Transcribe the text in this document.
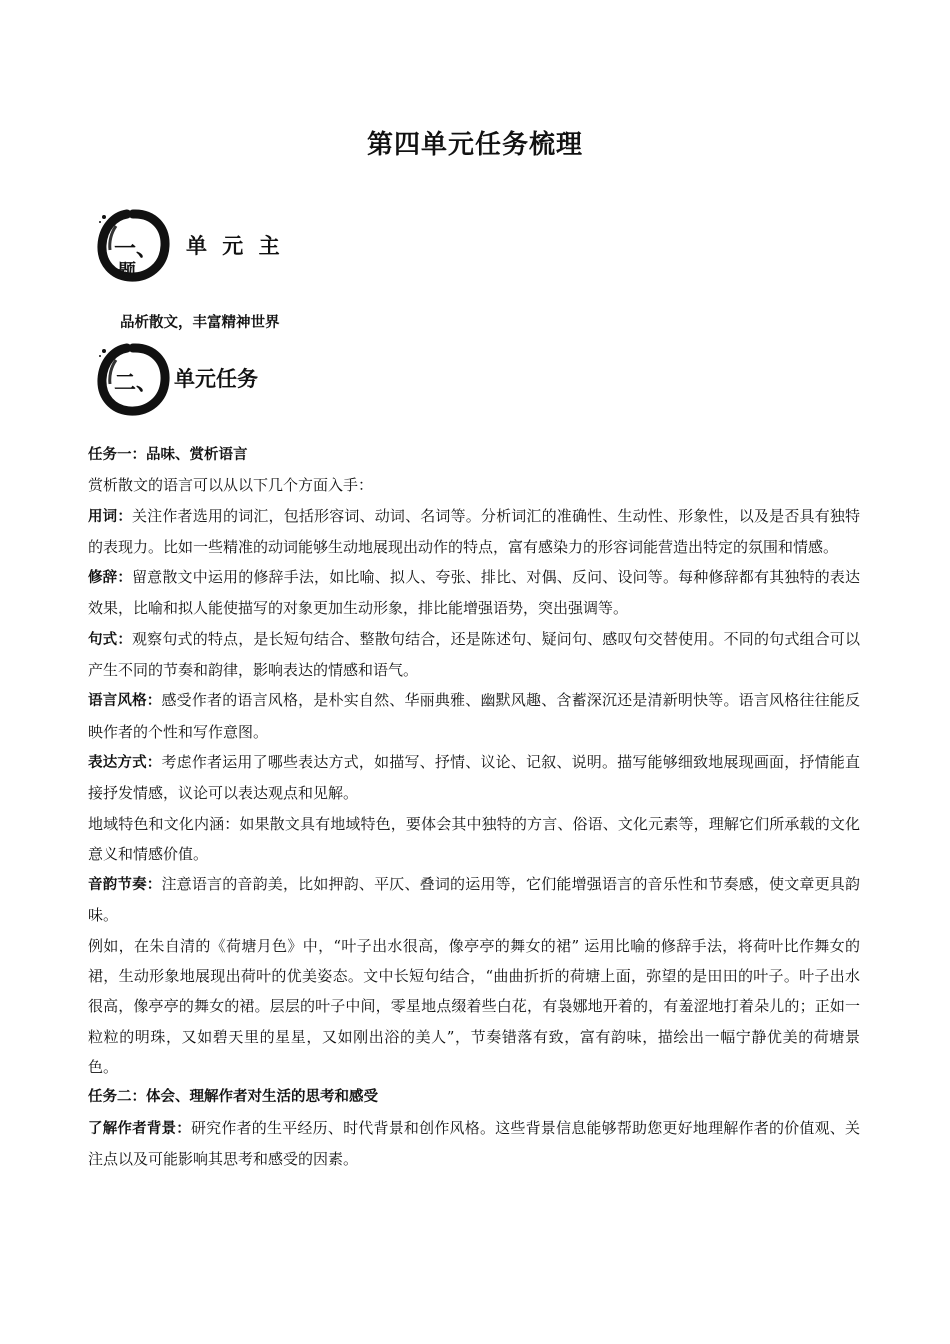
第四单元任务梳理
一、 单 元 主
题
品析散文，丰富精神世界
二、 单元任务

任务一：品味、赏析语言

赏析散文的语言可以从以下几个方面入手：

用词：关注作者选用的词汇，包括形容词、动词、名词等。分析词汇的准确性、生动性、形象性，以及是否具有独特的表现力。比如一些精准的动词能够生动地展现出动作的特点，富有感染力的形容词能营造出特定的氛围和情感。

修辞：留意散文中运用的修辞手法，如比喻、拟人、夸张、排比、对偶、反问、设问等。每种修辞都有其独特的表达效果，比喻和拟人能使描写的对象更加生动形象，排比能增强语势，突出强调等。

句式：观察句式的特点，是长短句结合、整散句结合，还是陈述句、疑问句、感叹句交替使用。不同的句式组合可以产生不同的节奏和韵律，影响表达的情感和语气。

语言风格：感受作者的语言风格，是朴实自然、华丽典雅、幽默风趣、含蓄深沉还是清新明快等。语言风格往往能反映作者的个性和写作意图。

表达方式：考虑作者运用了哪些表达方式，如描写、抒情、议论、记叙、说明。描写能够细致地展现画面，抒情能直接抒发情感，议论可以表达观点和见解。

地域特色和文化内涵：如果散文具有地域特色，要体会其中独特的方言、俗语、文化元素等，理解它们所承载的文化意义和情感价值。

音韵节奏：注意语言的音韵美，比如押韵、平仄、叠词的运用等，它们能增强语言的音乐性和节奏感，使文章更具韵味。

例如，在朱自清的《荷塘月色》中，“叶子出水很高，像亭亭的舞女的裙” 运用比喻的修辞手法，将荷叶比作舞女的裙，生动形象地展现出荷叶的优美姿态。文中长短句结合，“曲曲折折的荷塘上面，弥望的是田田的叶子。叶子出水很高，像亭亭的舞女的裙。层层的叶子中间，零星地点缀着些白花，有袅娜地开着的，有羞涩地打着朵儿的；正如一粒粒的明珠，又如碧天里的星星，又如刚出浴的美人”，节奏错落有致，富有韵味，描绘出一幅宁静优美的荷塘景色。

任务二：体会、理解作者对生活的思考和感受

了解作者背景：研究作者的生平经历、时代背景和创作风格。这些背景信息能够帮助您更好地理解作者的价值观、关注点以及可能影响其思考和感受的因素。
